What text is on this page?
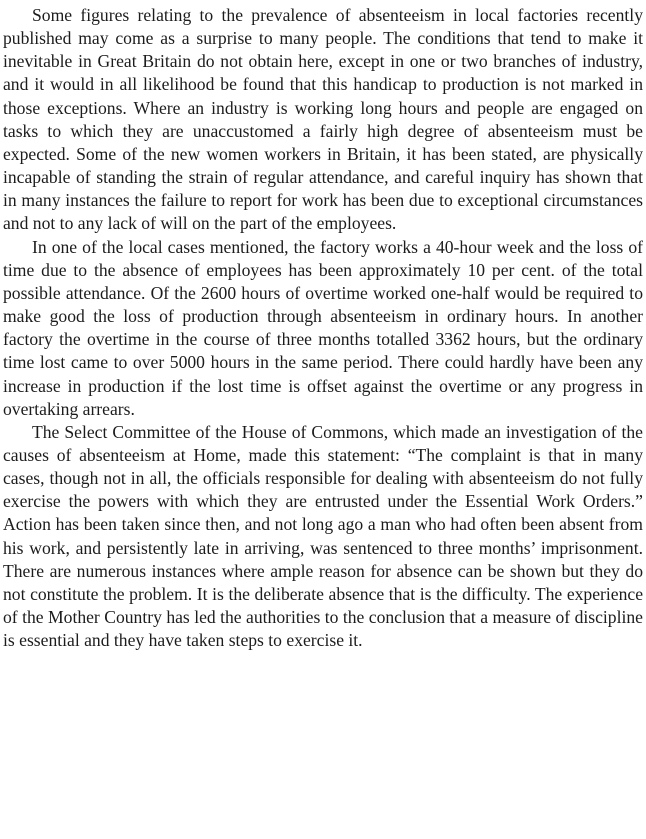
Some figures relating to the prevalence of absenteeism in local factories recently published may come as a surprise to many people. The conditions that tend to make it inevitable in Great Britain do not obtain here, except in one or two branches of industry, and it would in all likelihood be found that this handicap to production is not marked in those exceptions. Where an industry is working long hours and people are engaged on tasks to which they are unaccustomed a fairly high degree of absenteeism must be expected. Some of the new women workers in Britain, it has been stated, are physically incapable of standing the strain of regular attendance, and careful inquiry has shown that in many instances the failure to report for work has been due to exceptional circumstances and not to any lack of will on the part of the employees.

In one of the local cases mentioned, the factory works a 40-hour week and the loss of time due to the absence of employees has been approximately 10 per cent. of the total possible attendance. Of the 2600 hours of overtime worked one-half would be required to make good the loss of production through absenteeism in ordinary hours. In another factory the overtime in the course of three months totalled 3362 hours, but the ordinary time lost came to over 5000 hours in the same period. There could hardly have been any increase in production if the lost time is offset against the overtime or any progress in overtaking arrears.

The Select Committee of the House of Commons, which made an investigation of the causes of absenteeism at Home, made this statement: “The complaint is that in many cases, though not in all, the officials responsible for dealing with absenteeism do not fully exercise the powers with which they are entrusted under the Essential Work Orders.” Action has been taken since then, and not long ago a man who had often been absent from his work, and persistently late in arriving, was sentenced to three months’ imprisonment. There are numerous instances where ample reason for absence can be shown but they do not constitute the problem. It is the deliberate absence that is the difficulty. The experience of the Mother Country has led the authorities to the conclusion that a measure of discipline is essential and they have taken steps to exercise it.
